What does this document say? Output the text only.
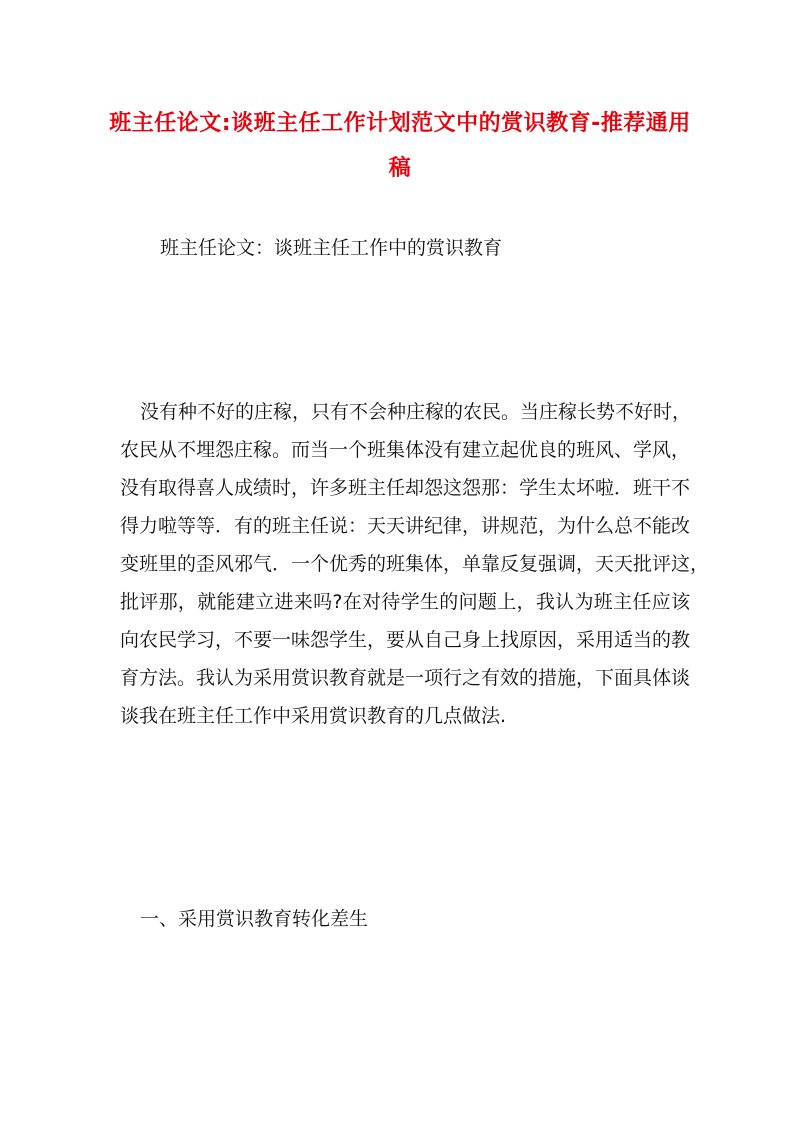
班主任论文:谈班主任工作计划范文中的赏识教育-推荐通用
稿
班主任论文：谈班主任工作中的赏识教育
没有种不好的庄稼，只有不会种庄稼的农民。当庄稼长势不好时，
农民从不埋怨庄稼。而当一个班集体没有建立起优良的班风、学风，
没有取得喜人成绩时，许多班主任却怨这怨那：学生太坏啦．班干不
得力啦等等．有的班主任说：天天讲纪律，讲规范，为什么总不能改
变班里的歪风邪气．一个优秀的班集体，单靠反复强调，天天批评这，
批评那，就能建立进来吗?在对待学生的问题上，我认为班主任应该
向农民学习，不要一味怨学生，要从自己身上找原因，采用适当的教
育方法。我认为采用赏识教育就是一项行之有效的措施，下面具体谈
谈我在班主任工作中采用赏识教育的几点做法.
一、采用赏识教育转化差生
